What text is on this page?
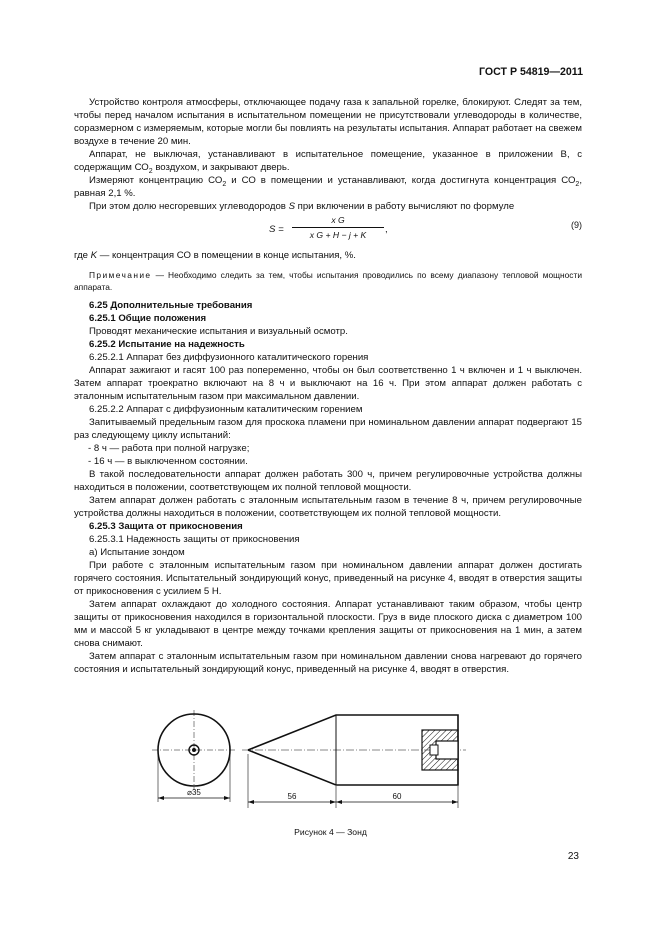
ГОСТ Р 54819—2011

Устройство контроля атмосферы, отключающее подачу газа к запальной горелке, блокируют. Следят за тем, чтобы перед началом испытания в испытательном помещении не присутствовали углеводороды в количестве, соразмерном с измеряемым, которые могли бы повлиять на результаты испытания. Аппарат работает на свежем воздухе в течение 20 мин.

Аппарат, не выключая, устанавливают в испытательное помещение, указанное в приложении В, с содержащим $СО_2$ воздухом, и закрывают дверь.

Измеряют концентрацию $СО_2$ и СО в помещении и устанавливают, когда достигнута концентрация $СО_2$, равная 2,1 %.

При этом долю несгоревших углеводородов S при включении в работу вычисляют по формуле

$S = \frac{\text{x G}}{\text{x G + H − j + K}}$ ,	(9)

где K — концентрация СО в помещении в конце испытания, %.

Примечание — Необходимо следить за тем, чтобы испытания проводились по всему диапазону тепловой мощности аппарата.

6.25 Дополнительные требования

6.25.1 Общие положения

Проводят механические испытания и визуальный осмотр.

6.25.2 Испытание на надежность

6.25.2.1 Аппарат без диффузионного каталитического горения

Аппарат зажигают и гасят 100 раз попеременно, чтобы он был соответственно 1 ч включен и 1 ч выключен. Затем аппарат троекратно включают на 8 ч и выключают на 16 ч. При этом аппарат должен работать с эталонным испытательным газом при максимальном давлении.

6.25.2.2 Аппарат с диффузионным каталитическим горением

Запитываемый предельным газом для проскока пламени при номинальном давлении аппарат подвергают 15 раз следующему циклу испытаний:

- 8 ч — работа при полной нагрузке;

- 16 ч — в выключенном состоянии.

В такой последовательности аппарат должен работать 300 ч, причем регулировочные устройства должны находиться в положении, соответствующем их полной тепловой мощности.

Затем аппарат должен работать с эталонным испытательным газом в течение 8 ч, причем регулировочные устройства должны находиться в положении, соответствующем их полной тепловой мощности.

6.25.3 Защита от прикосновения

6.25.3.1 Надежность защиты от прикосновения

а) Испытание зондом

При работе с эталонным испытательным газом при номинальном давлении аппарат должен достигать горячего состояния. Испытательный зондирующий конус, приведенный на рисунке 4, вводят в отверстия защиты от прикосновения с усилием 5 Н.

Затем аппарат охлаждают до холодного состояния. Аппарат устанавливают таким образом, чтобы центр защиты от прикосновения находился в горизонтальной плоскости. Груз в виде плоского диска с диаметром 100 мм и массой 5 кг укладывают в центре между точками крепления защиты от прикосновения на 1 мин, а затем снова снимают.

Затем аппарат с эталонным испытательным газом при номинальном давлении снова нагревают до горячего состояния и испытательный зондирующий конус, приведенный на рисунке 4, вводят в отверстия.

⌀35	56	60
Рисунок 4 — Зонд
23
